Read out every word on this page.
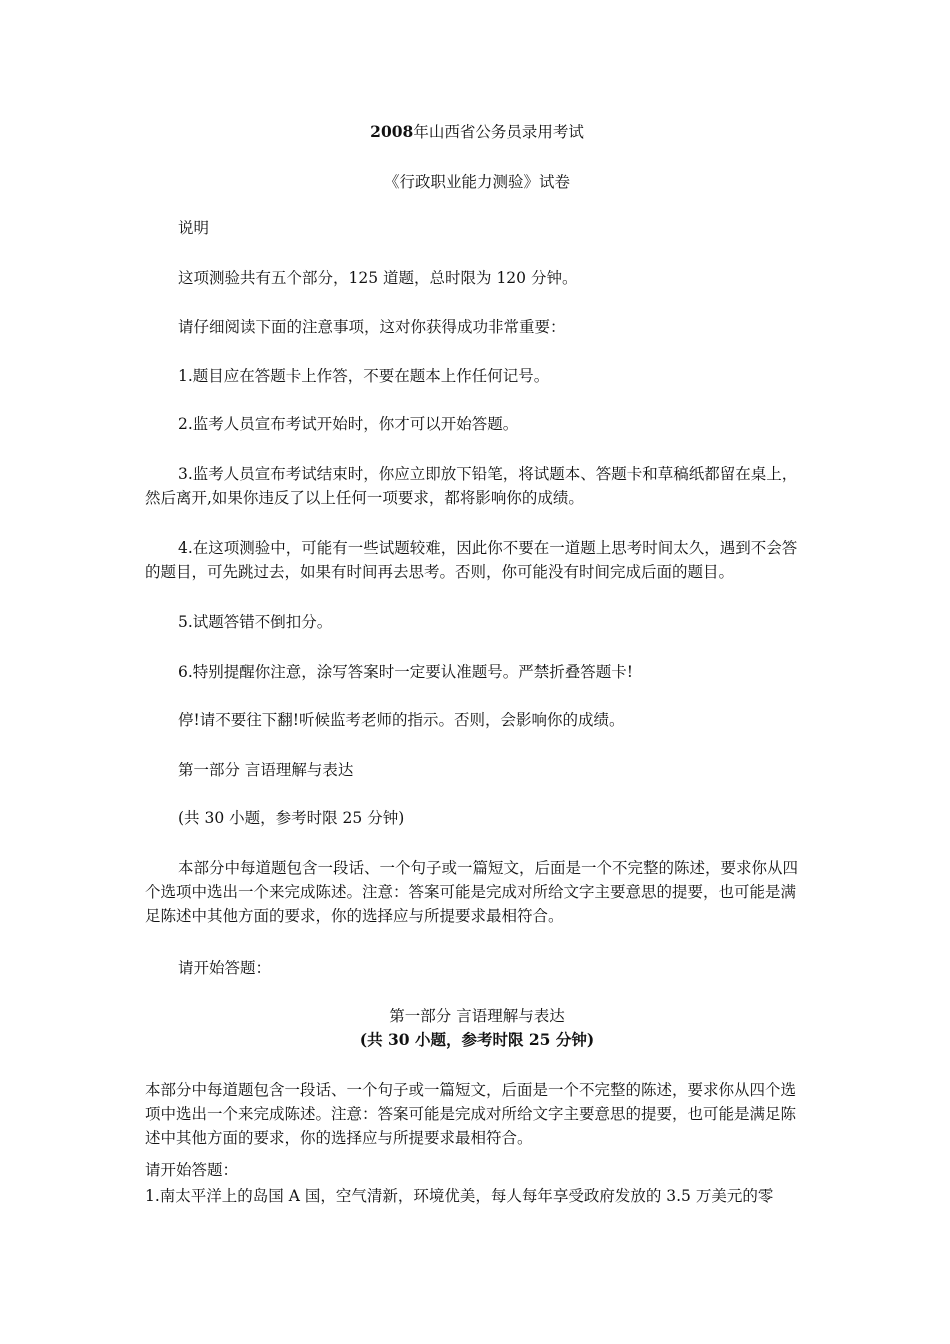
2008年山西省公务员录用考试

《行政职业能力测验》试卷

说明

这项测验共有五个部分，125 道题，总时限为 120 分钟。

请仔细阅读下面的注意事项，这对你获得成功非常重要：

1.题目应在答题卡上作答，不要在题本上作任何记号。

2.监考人员宣布考试开始时，你才可以开始答题。

3.监考人员宣布考试结束时，你应立即放下铅笔，将试题本、答题卡和草稿纸都留在桌上，然后离开,如果你违反了以上任何一项要求，都将影响你的成绩。

4.在这项测验中，可能有一些试题较难，因此你不要在一道题上思考时间太久，遇到不会答的题目，可先跳过去，如果有时间再去思考。否则，你可能没有时间完成后面的题目。

5.试题答错不倒扣分。

6.特别提醒你注意，涂写答案时一定要认准题号。严禁折叠答题卡!

停!请不要往下翻!听候监考老师的指示。否则，会影响你的成绩。

第一部分 言语理解与表达

(共 30 小题，参考时限 25 分钟)

本部分中每道题包含一段话、一个句子或一篇短文，后面是一个不完整的陈述，要求你从四个选项中选出一个来完成陈述。注意：答案可能是完成对所给文字主要意思的提要，也可能是满足陈述中其他方面的要求，你的选择应与所提要求最相符合。

请开始答题：

第一部分 言语理解与表达

(共 30 小题，参考时限 25 分钟)

本部分中每道题包含一段话、一个句子或一篇短文，后面是一个不完整的陈述，要求你从四个选项中选出一个来完成陈述。注意：答案可能是完成对所给文字主要意思的提要，也可能是满足陈述中其他方面的要求，你的选择应与所提要求最相符合。

请开始答题：

1.南太平洋上的岛国 A 国，空气清新，环境优美，每人每年享受政府发放的 3.5 万美元的零
